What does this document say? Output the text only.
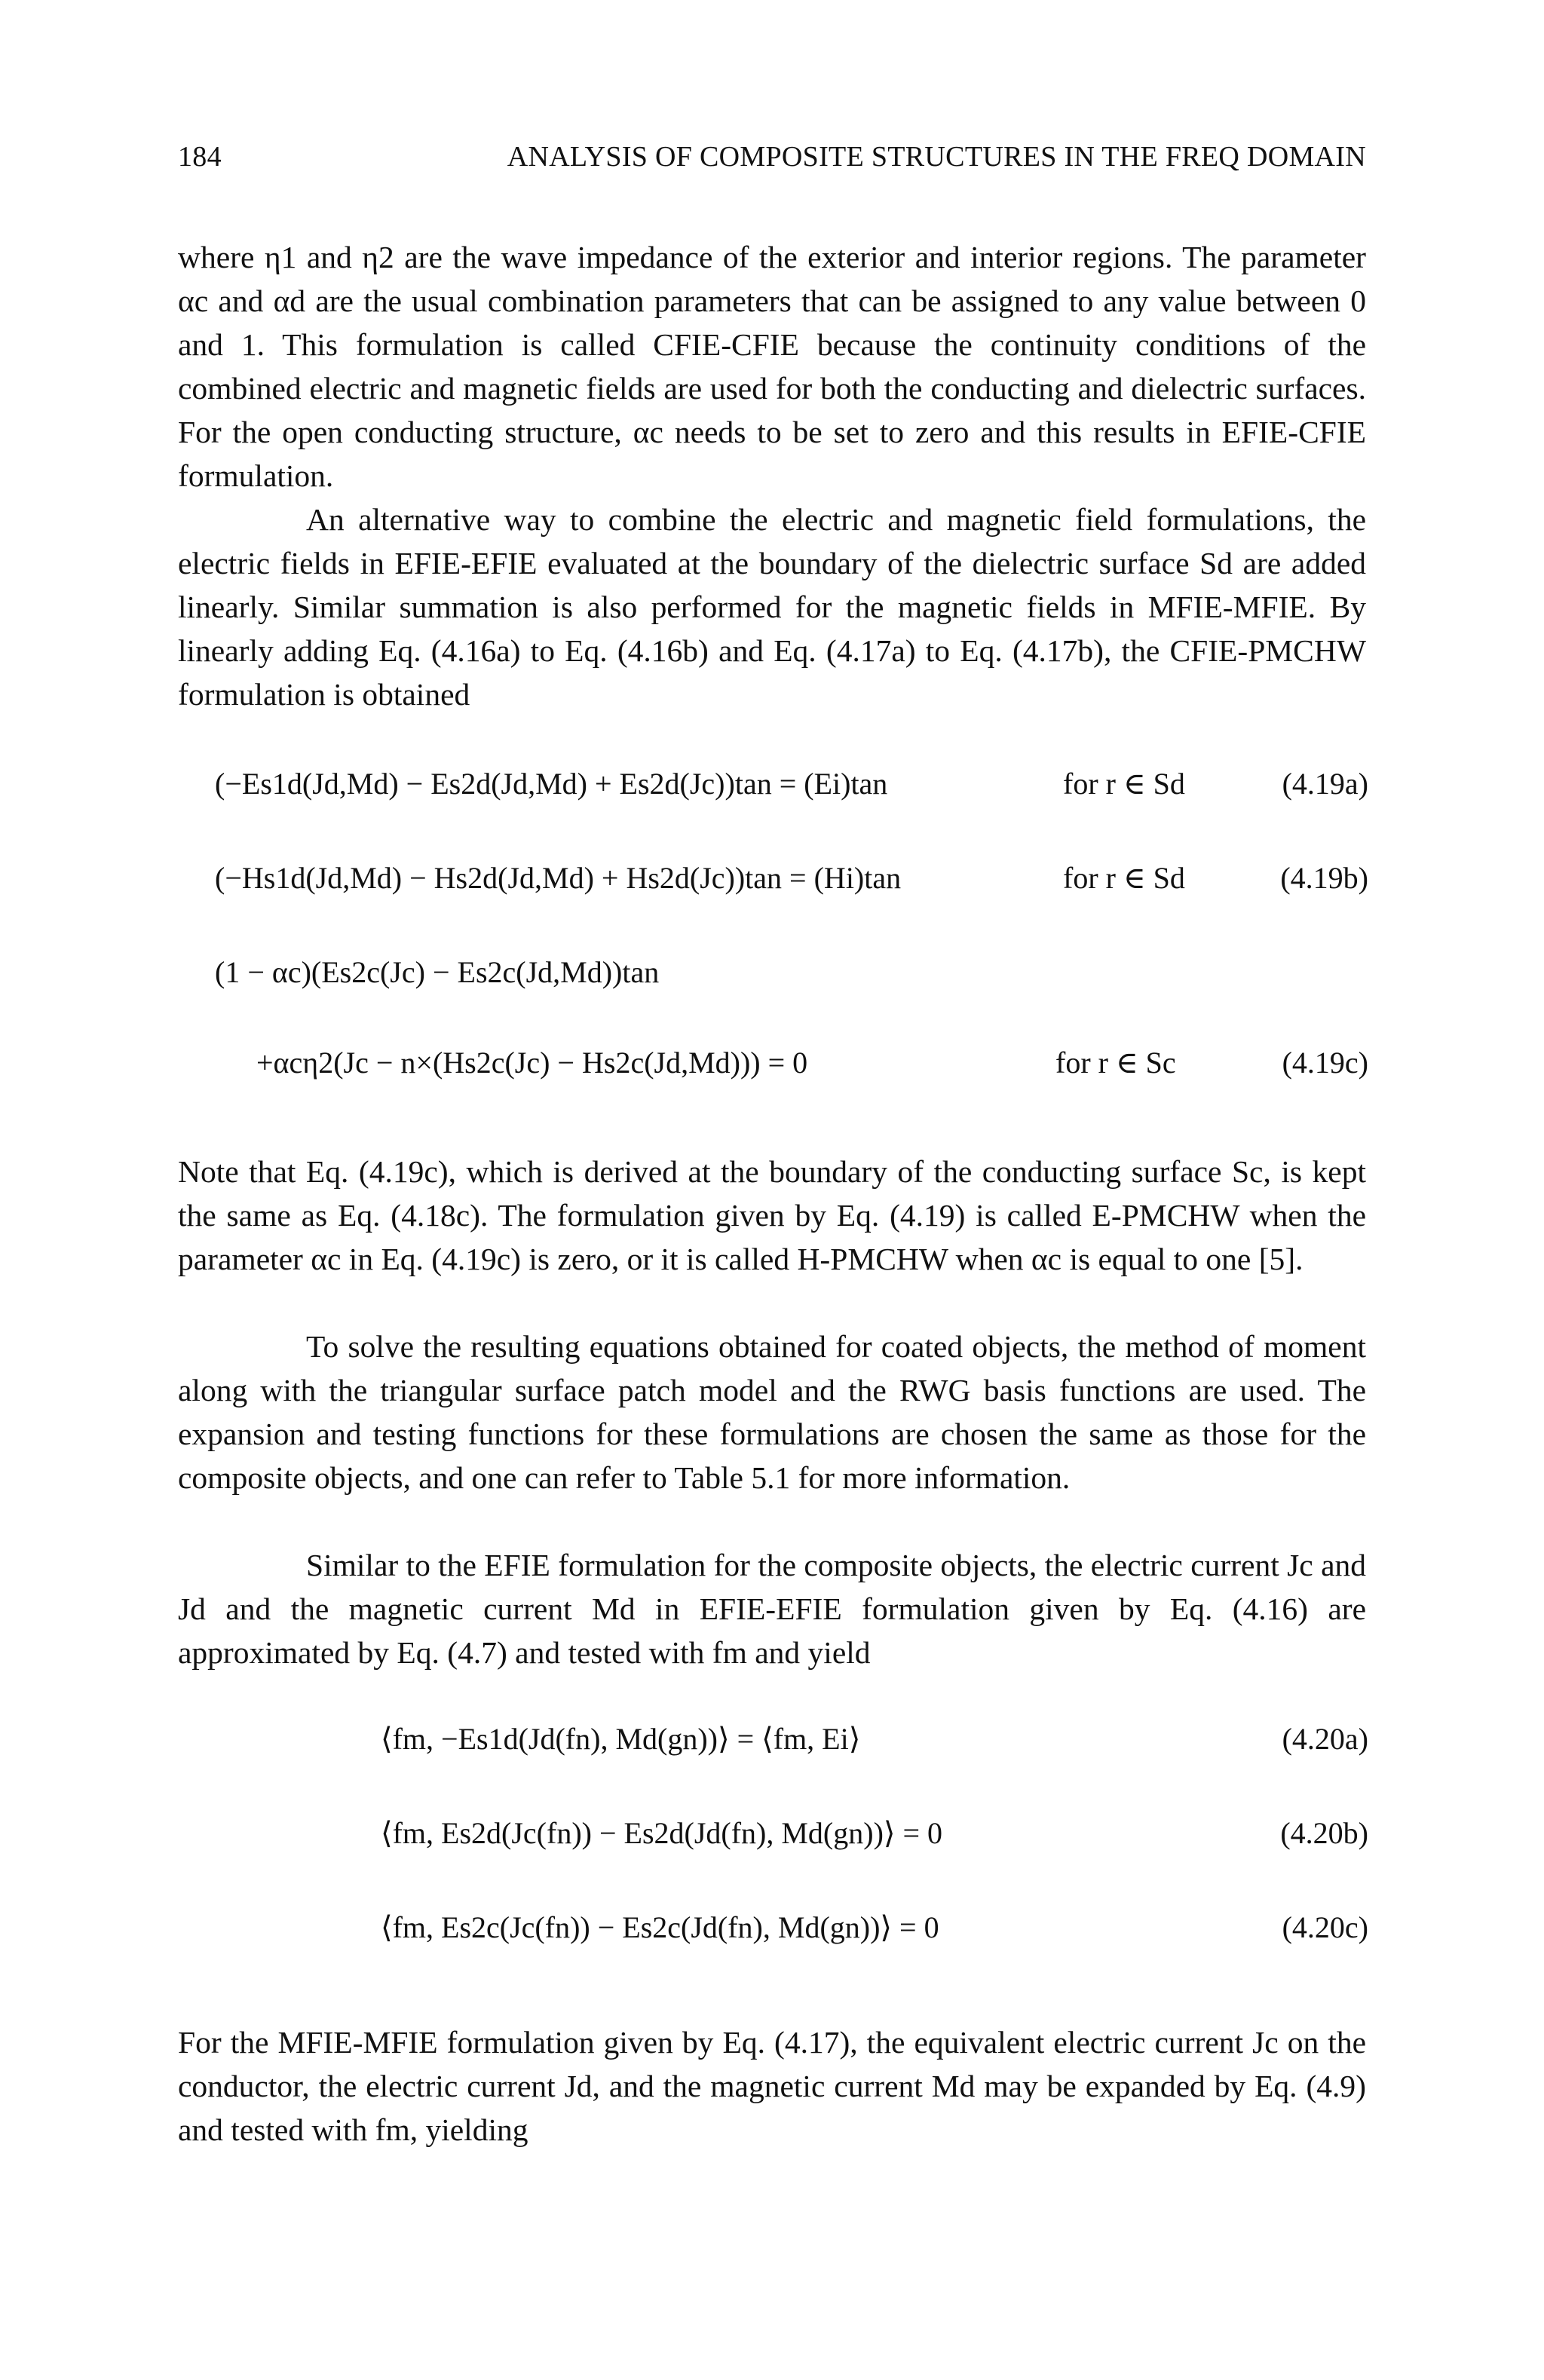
184	ANALYSIS OF COMPOSITE STRUCTURES IN THE FREQ DOMAIN

where η1 and η2 are the wave impedance of the exterior and interior regions. The parameter αc and αd are the usual combination parameters that can be assigned to any value between 0 and 1. This formulation is called CFIE-CFIE because the continuity conditions of the combined electric and magnetic fields are used for both the conducting and dielectric surfaces. For the open conducting structure, αc needs to be set to zero and this results in EFIE-CFIE formulation.

An alternative way to combine the electric and magnetic field formulations, the electric fields in EFIE-EFIE evaluated at the boundary of the dielectric surface Sd are added linearly. Similar summation is also performed for the magnetic fields in MFIE-MFIE. By linearly adding Eq. (4.16a) to Eq. (4.16b) and Eq. (4.17a) to Eq. (4.17b), the CFIE-PMCHW formulation is obtained

(−Es1d(Jd,Md) − Es2d(Jd,Md) + Es2d(Jc))tan = (Ei)tan	for r ∈ Sd	(4.19a)
(−Hs1d(Jd,Md) − Hs2d(Jd,Md) + Hs2d(Jc))tan = (Hi)tan	for r ∈ Sd	(4.19b)
(1 − αc)(Es2c(Jc) − Es2c(Jd,Md))tan
+αcη2(Jc − n×(Hs2c(Jc) − Hs2c(Jd,Md))) = 0	for r ∈ Sc	(4.19c)

Note that Eq. (4.19c), which is derived at the boundary of the conducting surface Sc, is kept the same as Eq. (4.18c). The formulation given by Eq. (4.19) is called E-PMCHW when the parameter αc in Eq. (4.19c) is zero, or it is called H-PMCHW when αc is equal to one [5].

To solve the resulting equations obtained for coated objects, the method of moment along with the triangular surface patch model and the RWG basis functions are used. The expansion and testing functions for these formulations are chosen the same as those for the composite objects, and one can refer to Table 5.1 for more information.

Similar to the EFIE formulation for the composite objects, the electric current Jc and Jd and the magnetic current Md in EFIE-EFIE formulation given by Eq. (4.16) are approximated by Eq. (4.7) and tested with fm and yield

⟨fm, −Es1d(Jd(fn), Md(gn))⟩ = ⟨fm, Ei⟩	(4.20a)
⟨fm, Es2d(Jc(fn)) − Es2d(Jd(fn), Md(gn))⟩ = 0	(4.20b)
⟨fm, Es2c(Jc(fn)) − Es2c(Jd(fn), Md(gn))⟩ = 0	(4.20c)

For the MFIE-MFIE formulation given by Eq. (4.17), the equivalent electric current Jc on the conductor, the electric current Jd, and the magnetic current Md may be expanded by Eq. (4.9) and tested with fm, yielding
